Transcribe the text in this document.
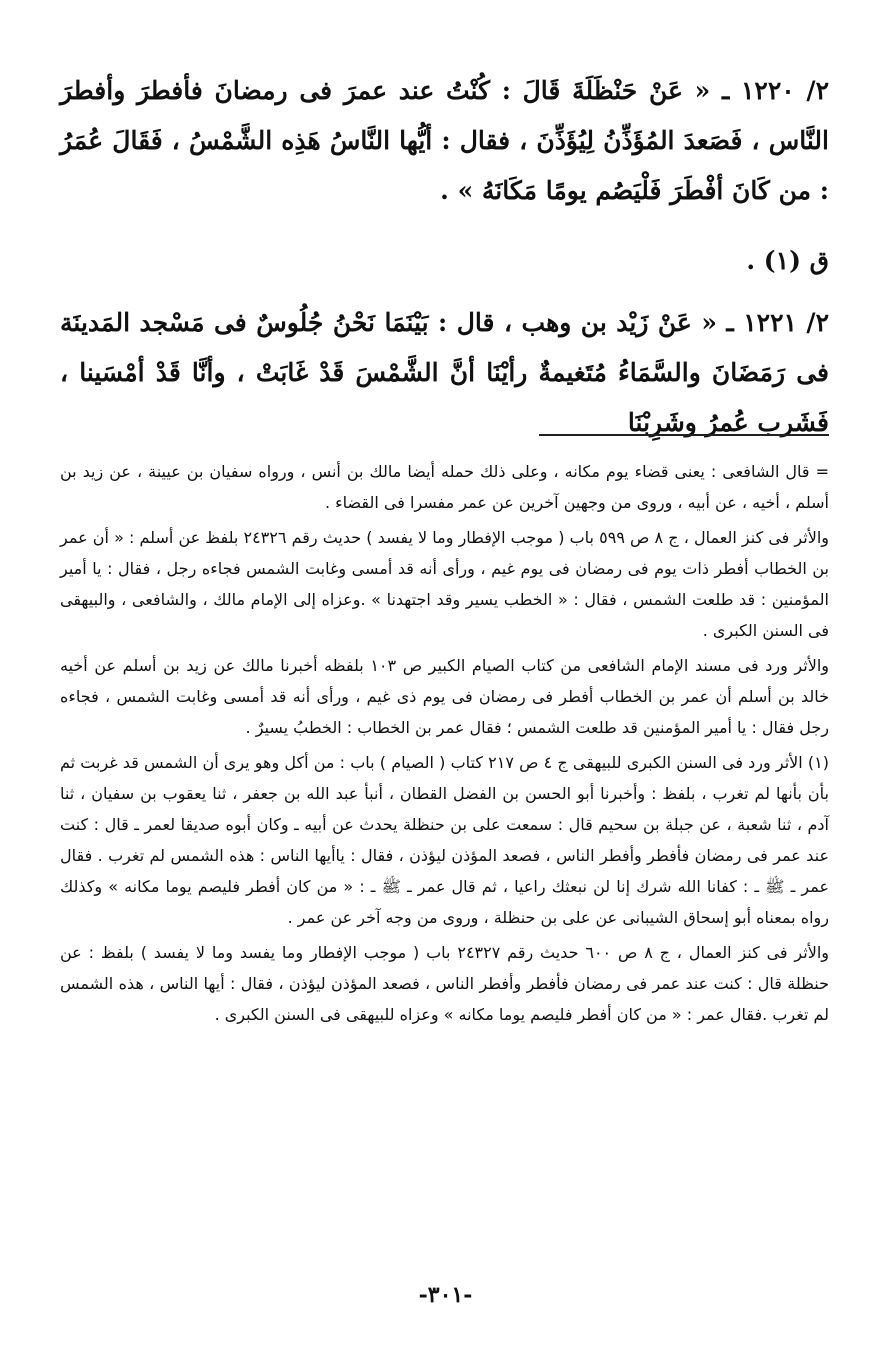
٢/ ١٢٢٠ ـ « عَنْ حَنْظَلَةَ قَالَ : كُنْتُ عند عمرَ فى رمضانَ فأفطرَ وأفطرَ النَّاس ، فَصَعدَ المُؤَذِّنُ لِيُؤَذِّنَ ، فقال : أيُّها النَّاسُ هَذِه الشَّمْسُ ، فَقَالَ عُمَرُ : من كَانَ أفْطَرَ فَلْيَصُم يومًا مَكَانَهُ » .

ق (١) .

٢/ ١٢٢١ ـ « عَنْ زَيْد بن وهب ، قال : بَيْنَمَا نَحْنُ جُلُوسٌ فى مَسْجد المَدينَة فى رَمَضَانَ والسَّمَاءُ مُتَغيمةٌ رأيْنَا أنَّ الشَّمْسَ قَدْ غَابَتْ ، وأنَّا قَدْ أمْسَينا ، فَشَرب عُمرُ وشَرِبْنَا

= قال الشافعى : يعنى قضاء يوم مكانه ، وعلى ذلك حمله أيضا مالك بن أنس ، ورواه سفيان بن عيينة ، عن زيد بن أسلم ، أخيه ، عن أبيه ، وروى من وجهين آخرين عن عمر مفسرا فى القضاء .

والأثر فى كنز العمال ، ج ٨ ص ٥٩٩ باب ( موجب الإفطار وما لا يفسد ) حديث رقم ٢٤٣٢٦ بلفظ عن أسلم : « أن عمر بن الخطاب أفطر ذات يوم فى رمضان فى يوم غيم ، ورأى أنه قد أمسى وغابت الشمس فجاءه رجل ، فقال : يا أمير المؤمنين : قد طلعت الشمس ، فقال : « الخطب يسير وقد اجتهدنا » .وعزاه إلى الإمام مالك ، والشافعى ، والبيهقى فى السنن الكبرى .

والأثر ورد فى مسند الإمام الشافعى من كتاب الصيام الكبير ص ١٠٣ بلفظه أخبرنا مالك عن زيد بن أسلم عن أخيه خالد بن أسلم أن عمر بن الخطاب أفطر فى رمضان فى يوم ذى غيم ، ورأى أنه قد أمسى وغابت الشمس ، فجاءه رجل فقال : يا أمير المؤمنين قد طلعت الشمس ؛ فقال عمر بن الخطاب : الخطبُ يسيرٌ .

(١) الأثر ورد فى السنن الكبرى للبيهقى ج ٤ ص ٢١٧ كتاب ( الصيام ) باب : من أكل وهو يرى أن الشمس قد غربت ثم بأن بأنها لم تغرب ، بلفظ : وأخبرنا أبو الحسن بن الفضل القطان ، أنبأ عبد الله بن جعفر ، ثنا يعقوب بن سفيان ، ثنا آدم ، ثنا شعبة ، عن جبلة بن سحيم قال : سمعت على بن حنظلة يحدث عن أبيه ـ وكان أبوه صديقا لعمر ـ قال : كنت عند عمر فى رمضان فأفطر وأفطر الناس ، فصعد المؤذن ليؤذن ، فقال : ياأيها الناس : هذه الشمس لم تغرب . فقال عمر ـ ﷺ ـ : كفانا الله شرك إنا لن نبعثك راعيا ، ثم قال عمر ـ ﷺ ـ : « من كان أفطر فليصم يوما مكانه » وكذلك رواه بمعناه أبو إسحاق الشيبانى عن على بن حنظلة ، وروى من وجه آخر عن عمر .

والأثر فى كنز العمال ، ج ٨ ص ٦٠٠ حديث رقم ٢٤٣٢٧ باب ( موجب الإفطار وما يفسد وما لا يفسد ) بلفظ : عن حنظلة قال : كنت عند عمر فى رمضان فأفطر وأفطر الناس ، فصعد المؤذن ليؤذن ، فقال : أيها الناس ، هذه الشمس لم تغرب .فقال عمر : « من كان أفطر فليصم يوما مكانه » وعزاه للبيهقى فى السنن الكبرى .

-٣٠١-
